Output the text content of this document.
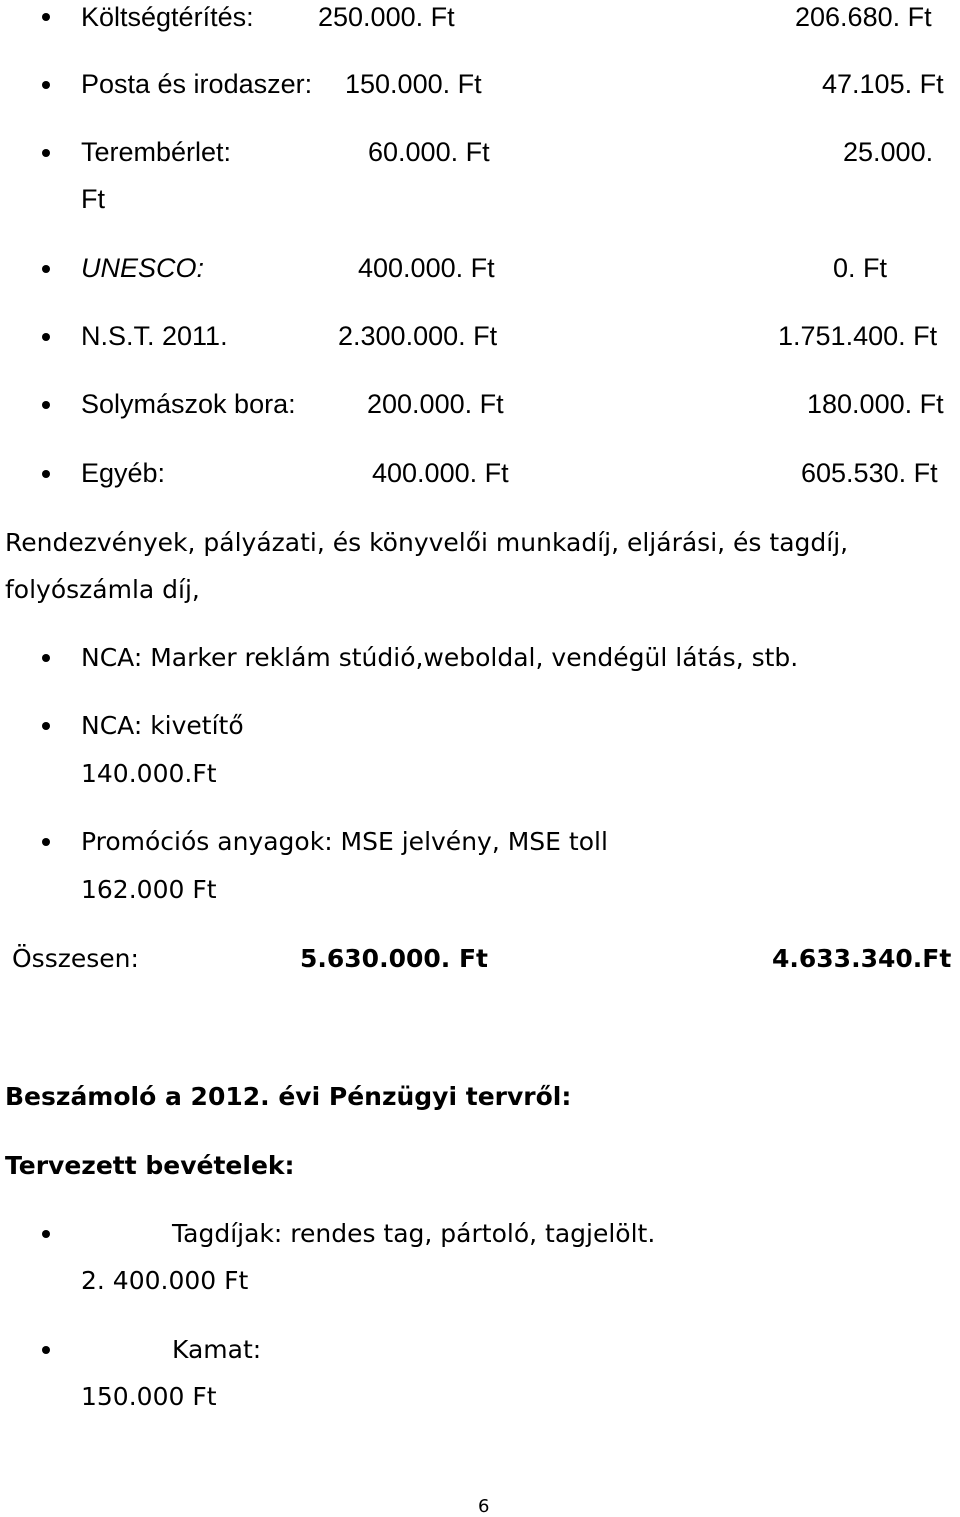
Költségtérítés: 250.000. Ft	206.680. Ft
Posta és irodaszer: 150.000. Ft	47.105. Ft
Terembérlet:	60.000. Ft	25.000.
Ft
UNESCO:	400.000. Ft	0. Ft
N.S.T. 2011.	2.300.000. Ft	1.751.400. Ft
Solymászok bora:	200.000. Ft	180.000. Ft
Egyéb:	400.000. Ft	605.530. Ft
Rendezvények, pályázati, és könyvelői munkadíj, eljárási, és tagdíj,
folyószámla díj,
NCA: Marker reklám stúdió,weboldal, vendégül látás, stb.
NCA: kivetítő
140.000.Ft
Promóciós anyagok: MSE jelvény, MSE toll
162.000 Ft
Összesen:	5.630.000. Ft	4.633.340.Ft
Beszámoló a 2012. évi Pénzügyi tervről:
Tervezett bevételek:
Tagdíjak: rendes tag, pártoló, tagjelölt.
2. 400.000 Ft
Kamat:
150.000 Ft
6
